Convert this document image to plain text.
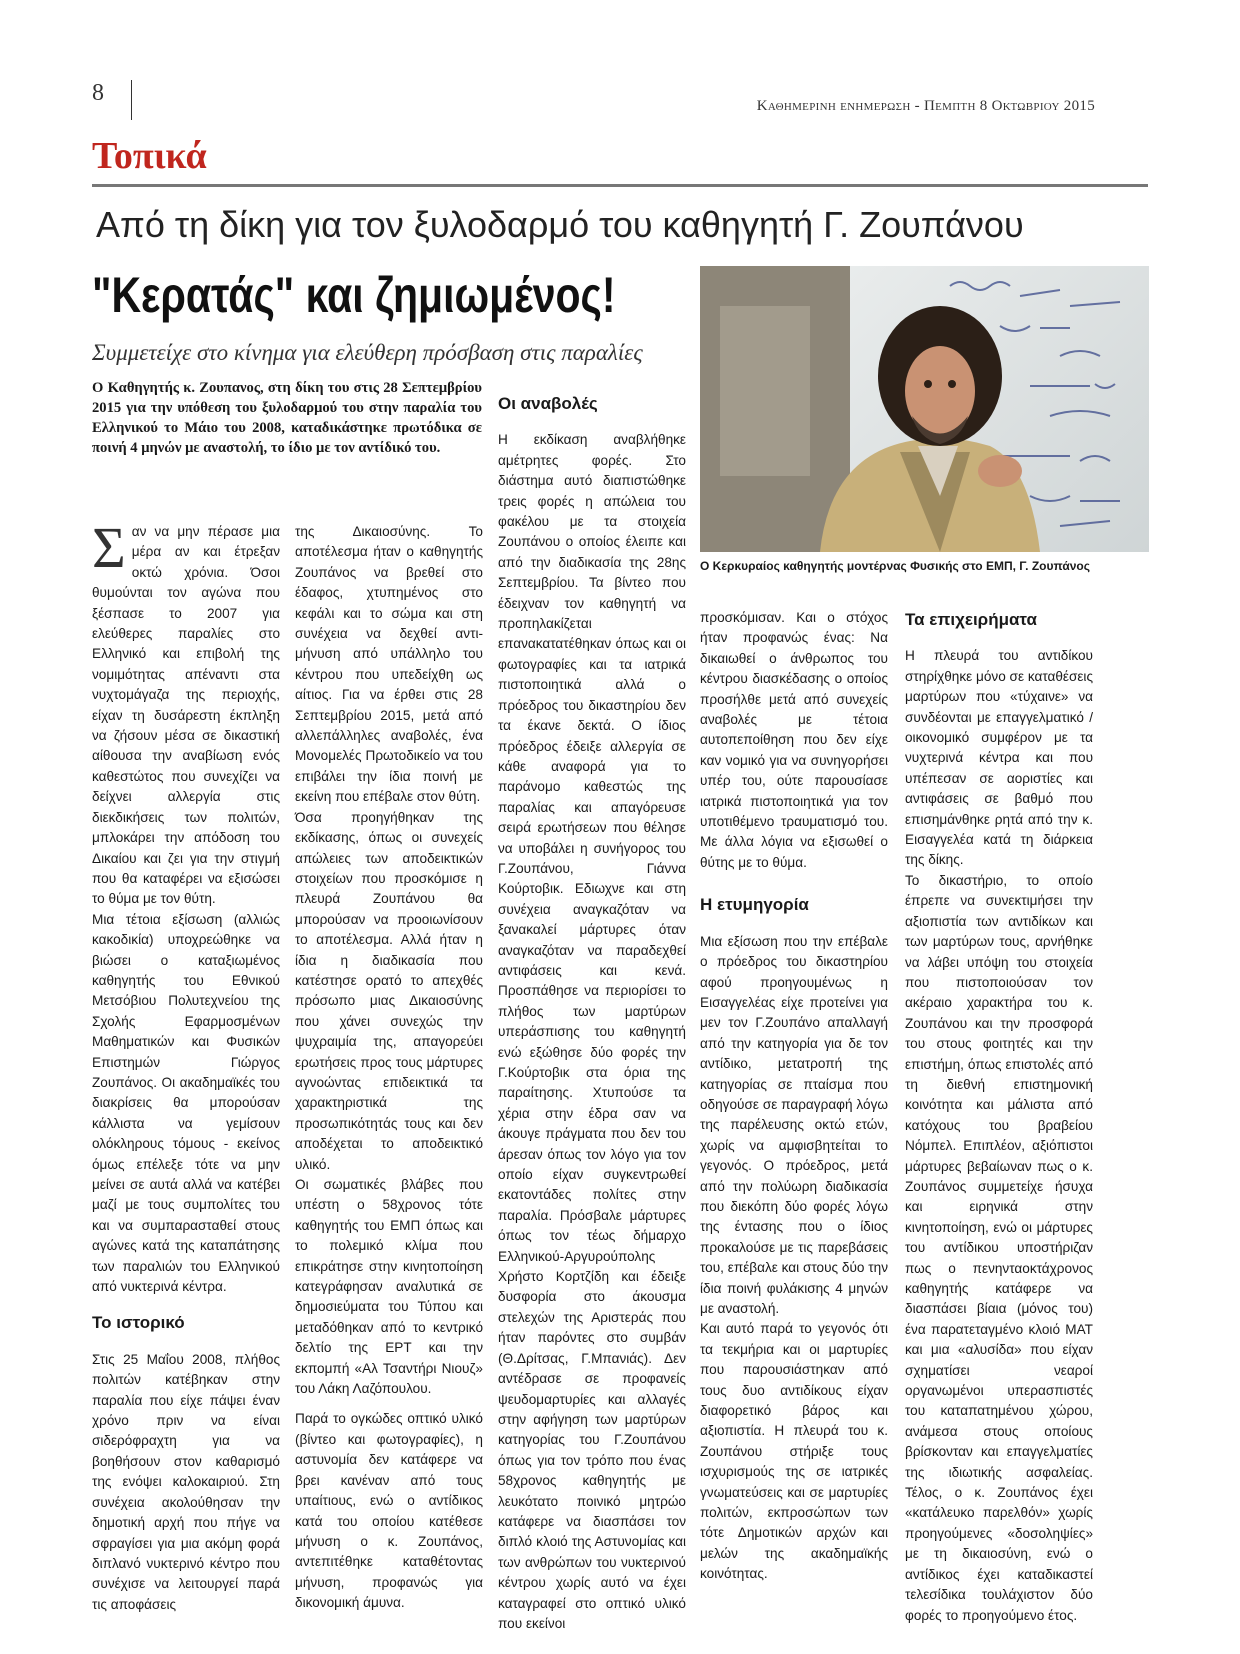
8	Καθημερινη ενημερωση - Πεμπτη 8 Οκτωβριου 2015
Τοπικά
Από τη δίκη για τον ξυλοδαρμό του καθηγητή Γ. Ζουπάνου
"Κερατάς" και ζημιωμένος!
Συμμετείχε στο κίνημα για ελεύθερη πρόσβαση στις παραλίες
Ο Καθηγητής κ. Ζουπανος, στη δίκη του στις 28 Σεπτεμβρίου 2015 για την υπόθεση του ξυλοδαρμού του στην παραλία του Ελληνικού το Μάιο του 2008, καταδικάστηκε πρωτόδικα σε ποινή 4 μηνών με αναστολή, το ίδιο με τον αντίδικό του.
Ο Κερκυραίος καθηγητής μοντέρνας Φυσικής στο ΕΜΠ, Γ. Ζουπάνος
Σ αν να μην πέρασε μια μέρα αν και έτρεξαν οκτώ χρόνια. Όσοι θυμούνται τον αγώνα που ξέσπασε το 2007 για ελεύθερες παραλίες στο Ελληνικό και επιβολή της νομιμότητας απέναντι στα νυχτομάγαζα της περιοχής, είχαν τη δυσάρεστη έκπληξη να ζήσουν μέσα σε δικαστική αίθουσα την αναβίωση ενός καθεστώτος που συνεχίζει να δείχνει αλλεργία στις διεκδικήσεις των πολιτών, μπλοκάρει την απόδοση του Δικαίου και ζει για την στιγμή που θα καταφέρει να εξισώσει το θύμα με τον θύτη.

Μια τέτοια εξίσωση (αλλιώς κακοδικία) υποχρεώθηκε να βιώσει ο καταξιωμένος καθηγητής του Εθνικού Μετσόβιου Πολυτεχνείου της Σχολής Εφαρμοσμένων Μαθηματικών και Φυσικών Επιστημών Γιώργος Ζουπάνος. Οι ακαδημαϊκές του διακρίσεις θα μπορούσαν κάλλιστα να γεμίσουν ολόκληρους τόμους - εκείνος όμως επέλεξε τότε να μην μείνει σε αυτά αλλά να κατέβει μαζί με τους συμπολίτες του και να συμπαρασταθεί στους αγώνες κατά της καταπάτησης των παραλιών του Ελληνικού από νυκτερινά κέντρα.

Το ιστορικό

Στις 25 Μαΐου 2008, πλήθος πολιτών κατέβηκαν στην παραλία που είχε πάψει έναν χρόνο πριν να είναι σιδερόφραχτη για να βοηθήσουν στον καθαρισμό της ενόψει καλοκαιριού. Στη συνέχεια ακολούθησαν την δημοτική αρχή που πήγε να σφραγίσει για μια ακόμη φορά διπλανό νυκτερινό κέντρο που συνέχισε να λειτουργεί παρά τις αποφάσεις

της Δικαιοσύνης. Το αποτέλεσμα ήταν ο καθηγητής Ζουπάνος να βρεθεί στο έδαφος, χτυπημένος στο κεφάλι και το σώμα και στη συνέχεια να δεχθεί αντι-μήνυση από υπάλληλο του κέντρου που υπεδείχθη ως αίτιος. Για να έρθει στις 28 Σεπτεμβρίου 2015, μετά από αλλεπάλληλες αναβολές, ένα Μονομελές Πρωτοδικείο να του επιβάλει την ίδια ποινή με εκείνη που επέβαλε στον θύτη.

Όσα προηγήθηκαν της εκδίκασης, όπως οι συνεχείς απώλειες των αποδεικτικών στοιχείων που προσκόμισε η πλευρά Ζουπάνου θα μπορούσαν να προοιωνίσουν το αποτέλεσμα. Αλλά ήταν η ίδια η διαδικασία που κατέστησε ορατό το απεχθές πρόσωπο μιας Δικαιοσύνης που χάνει συνεχώς την ψυχραιμία της, απαγορεύει ερωτήσεις προς τους μάρτυρες αγνοώντας επιδεικτικά τα χαρακτηριστικά της προσωπικότητάς τους και δεν αποδέχεται το αποδεικτικό υλικό.

Οι σωματικές βλάβες που υπέστη ο 58χρονος τότε καθηγητής του ΕΜΠ όπως και το πολεμικό κλίμα που επικράτησε στην κινητοποίηση κατεγράφησαν αναλυτικά σε δημοσιεύματα του Τύπου και μεταδόθηκαν από το κεντρικό δελτίο της ΕΡΤ και την εκπομπή «Αλ Τσαντήρι Νιουζ» του Λάκη Λαζόπουλου.

Παρά το ογκώδες οπτικό υλικό (βίντεο και φωτογραφίες), η αστυνομία δεν κατάφερε να βρει κανέναν από τους υπαίτιους, ενώ ο αντίδικος κατά του οποίου κατέθεσε μήνυση ο κ. Ζουπάνος, αντεπιτέθηκε καταθέτοντας μήνυση, προφανώς για δικονομική άμυνα.

Οι αναβολές

Η εκδίκαση αναβλήθηκε αμέτρητες φορές. Στο διάστημα αυτό διαπιστώθηκε τρεις φορές η απώλεια του φακέλου με τα στοιχεία Ζουπάνου ο οποίος έλειπε και από την διαδικασία της 28ης Σεπτεμβρίου. Τα βίντεο που έδειχναν τον καθηγητή να προπηλακίζεται επανακατατέθηκαν όπως και οι φωτογραφίες και τα ιατρικά πιστοποιητικά αλλά ο πρόεδρος του δικαστηρίου δεν τα έκανε δεκτά. Ο ίδιος πρόεδρος έδειξε αλλεργία σε κάθε αναφορά για το παράνομο καθεστώς της παραλίας και απαγόρευσε σειρά ερωτήσεων που θέλησε να υποβάλει η συνήγορος του Γ.Ζουπάνου, Γιάννα Κούρτοβικ. Εδιωχνε και στη συνέχεια αναγκαζόταν να ξανακαλεί μάρτυρες όταν αναγκαζόταν να παραδεχθεί αντιφάσεις και κενά. Προσπάθησε να περιορίσει το πλήθος των μαρτύρων υπεράσπισης του καθηγητή ενώ εξώθησε δύο φορές την Γ.Κούρτοβικ στα όρια της παραίτησης. Χτυπούσε τα χέρια στην έδρα σαν να άκουγε πράγματα που δεν του άρεσαν όπως τον λόγο για τον οποίο είχαν συγκεντρωθεί εκατοντάδες πολίτες στην παραλία. Πρόσβαλε μάρτυρες όπως τον τέως δήμαρχο Ελληνικού-Αργυρούπολης Χρήστο Κορτζίδη και έδειξε δυσφορία στο άκουσμα στελεχών της Αριστεράς που ήταν παρόντες στο συμβάν (Θ.Δρίτσας, Γ.Μπανιάς). Δεν αντέδρασε σε προφανείς ψευδομαρτυρίες και αλλαγές στην αφήγηση των μαρτύρων κατηγορίας του Γ.Ζουπάνου όπως για τον τρόπο που ένας 58χρονος καθηγητής με λευκότατο ποινικό μητρώο κατάφερε να διασπάσει τον διπλό κλοιό της Αστυνομίας και των ανθρώπων του νυκτερινού κέντρου χωρίς αυτό να έχει καταγραφεί στο οπτικό υλικό που εκείνοι

προσκόμισαν. Και ο στόχος ήταν προφανώς ένας: Να δικαιωθεί ο άνθρωπος του κέντρου διασκέδασης ο οποίος προσήλθε μετά από συνεχείς αναβολές με τέτοια αυτοπεποίθηση που δεν είχε καν νομικό για να συνηγορήσει υπέρ του, ούτε παρουσίασε ιατρικά πιστοποιητικά για τον υποτιθέμενο τραυματισμό του. Με άλλα λόγια να εξισωθεί ο θύτης με το θύμα.

Η ετυμηγορία

Μια εξίσωση που την επέβαλε ο πρόεδρος του δικαστηρίου αφού προηγουμένως η Εισαγγελέας είχε προτείνει για μεν τον Γ.Ζουπάνο απαλλαγή από την κατηγορία για δε τον αντίδικο, μετατροπή της κατηγορίας σε πταίσμα που οδηγούσε σε παραγραφή λόγω της παρέλευσης οκτώ ετών, χωρίς να αμφισβητείται το γεγονός. Ο πρόεδρος, μετά από την πολύωρη διαδικασία που διεκόπη δύο φορές λόγω της έντασης που ο ίδιος προκαλούσε με τις παρεβάσεις του, επέβαλε και στους δύο την ίδια ποινή φυλάκισης 4 μηνών με αναστολή.

Και αυτό παρά το γεγονός ότι τα τεκμήρια και οι μαρτυρίες που παρουσιάστηκαν από τους δυο αντιδίκους είχαν διαφορετικό βάρος και αξιοπιστία. Η πλευρά του κ. Ζουπάνου στήριξε τους ισχυρισμούς της σε ιατρικές γνωματεύσεις και σε μαρτυρίες πολιτών, εκπροσώπων των τότε Δημοτικών αρχών και μελών της ακαδημαϊκής κοινότητας.

Τα επιχειρήματα

Η πλευρά του αντιδίκου στηρίχθηκε μόνο σε καταθέσεις μαρτύρων που «τύχαινε» να συνδέονται με επαγγελματικό / οικονομικό συμφέρον με τα νυχτερινά κέντρα και που υπέπεσαν σε αοριστίες και αντιφάσεις σε βαθμό που επισημάνθηκε ρητά από την κ. Εισαγγελέα κατά τη διάρκεια της δίκης.

Το δικαστήριο, το οποίο έπρεπε να συνεκτιμήσει την αξιοπιστία των αντιδίκων και των μαρτύρων τους, αρνήθηκε να λάβει υπόψη του στοιχεία που πιστοποιούσαν τον ακέραιο χαρακτήρα του κ. Ζουπάνου και την προσφορά του στους φοιτητές και την επιστήμη, όπως επιστολές από τη διεθνή επιστημονική κοινότητα και μάλιστα από κατόχους του βραβείου Νόμπελ. Επιπλέον, αξιόπιστοι μάρτυρες βεβαίωναν πως ο κ. Ζουπάνος συμμετείχε ήσυχα και ειρηνικά στην κινητοποίηση, ενώ οι μάρτυρες του αντίδικου υποστήριζαν πως ο πενηνταοκτάχρονος καθηγητής κατάφερε να διασπάσει βίαια (μόνος του) ένα παρατεταγμένο κλοιό ΜΑΤ και μια «αλυσίδα» που είχαν σχηματίσει νεαροί οργανωμένοι υπερασπιστές του καταπατημένου χώρου, ανάμεσα στους οποίους βρίσκονταν και επαγγελματίες της ιδιωτικής ασφαλείας. Τέλος, ο κ. Ζουπάνος έχει «κατάλευκο παρελθόν» χωρίς προηγούμενες «δοσοληψίες» με τη δικαιοσύνη, ενώ ο αντίδικος έχει καταδικαστεί τελεσίδικα τουλάχιστον δύο φορές το προηγούμενο έτος.
